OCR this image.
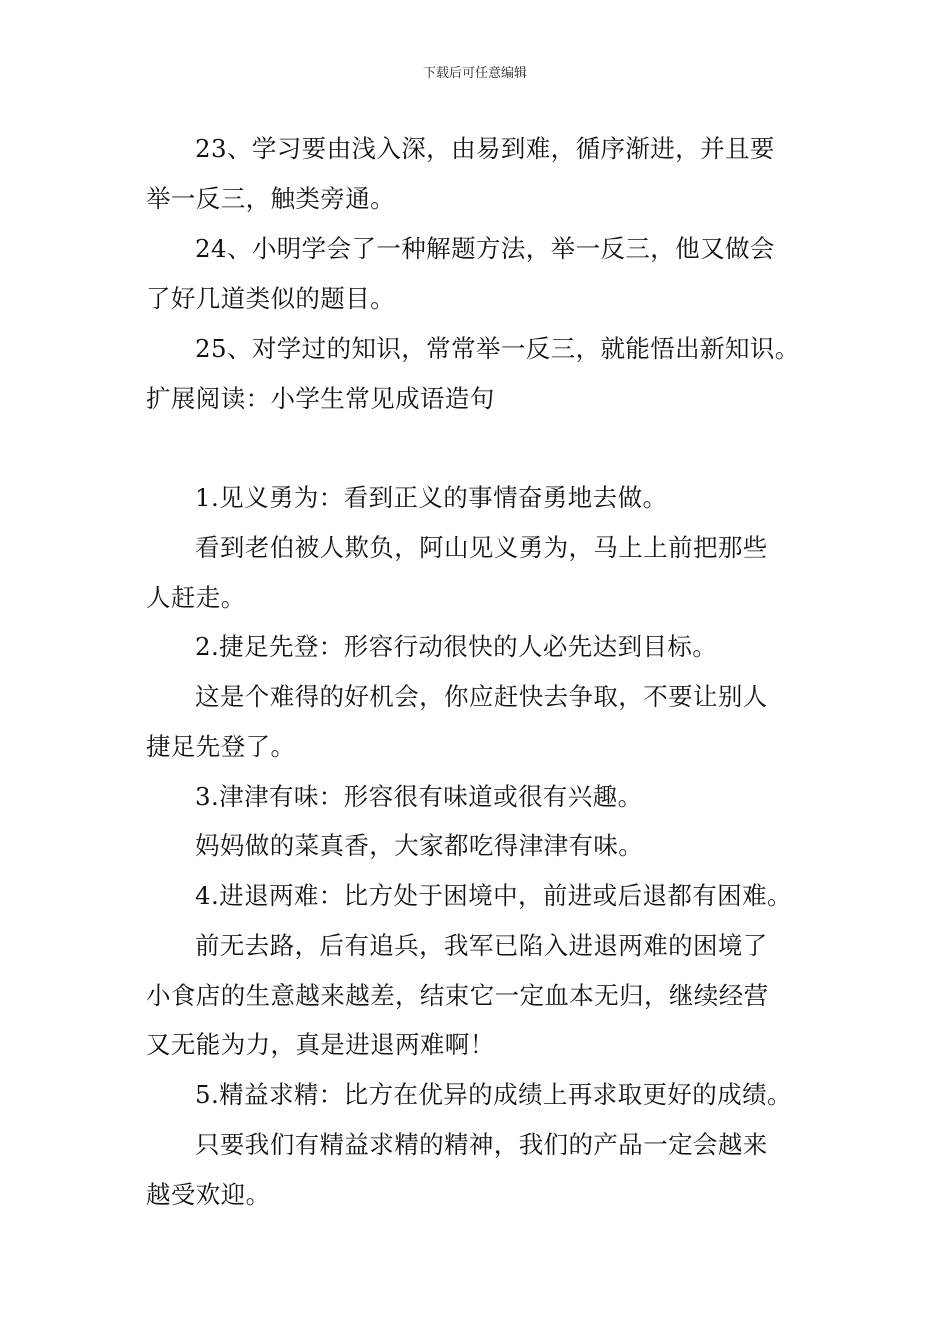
下载后可任意编辑
23、学习要由浅入深，由易到难，循序渐进，并且要
举一反三，触类旁通。
24、小明学会了一种解题方法，举一反三，他又做会
了好几道类似的题目。
25、对学过的知识，常常举一反三，就能悟出新知识。
扩展阅读：小学生常见成语造句
1.见义勇为：看到正义的事情奋勇地去做。
看到老伯被人欺负，阿山见义勇为，马上上前把那些
人赶走。
2.捷足先登：形容行动很快的人必先达到目标。
这是个难得的好机会，你应赶快去争取，不要让别人
捷足先登了。
3.津津有味：形容很有味道或很有兴趣。
妈妈做的菜真香，大家都吃得津津有味。
4.进退两难：比方处于困境中，前进或后退都有困难。
前无去路，后有追兵，我军已陷入进退两难的困境了
小食店的生意越来越差，结束它一定血本无归，继续经营
又无能为力，真是进退两难啊！
5.精益求精：比方在优异的成绩上再求取更好的成绩。
只要我们有精益求精的精神，我们的产品一定会越来
越受欢迎。
